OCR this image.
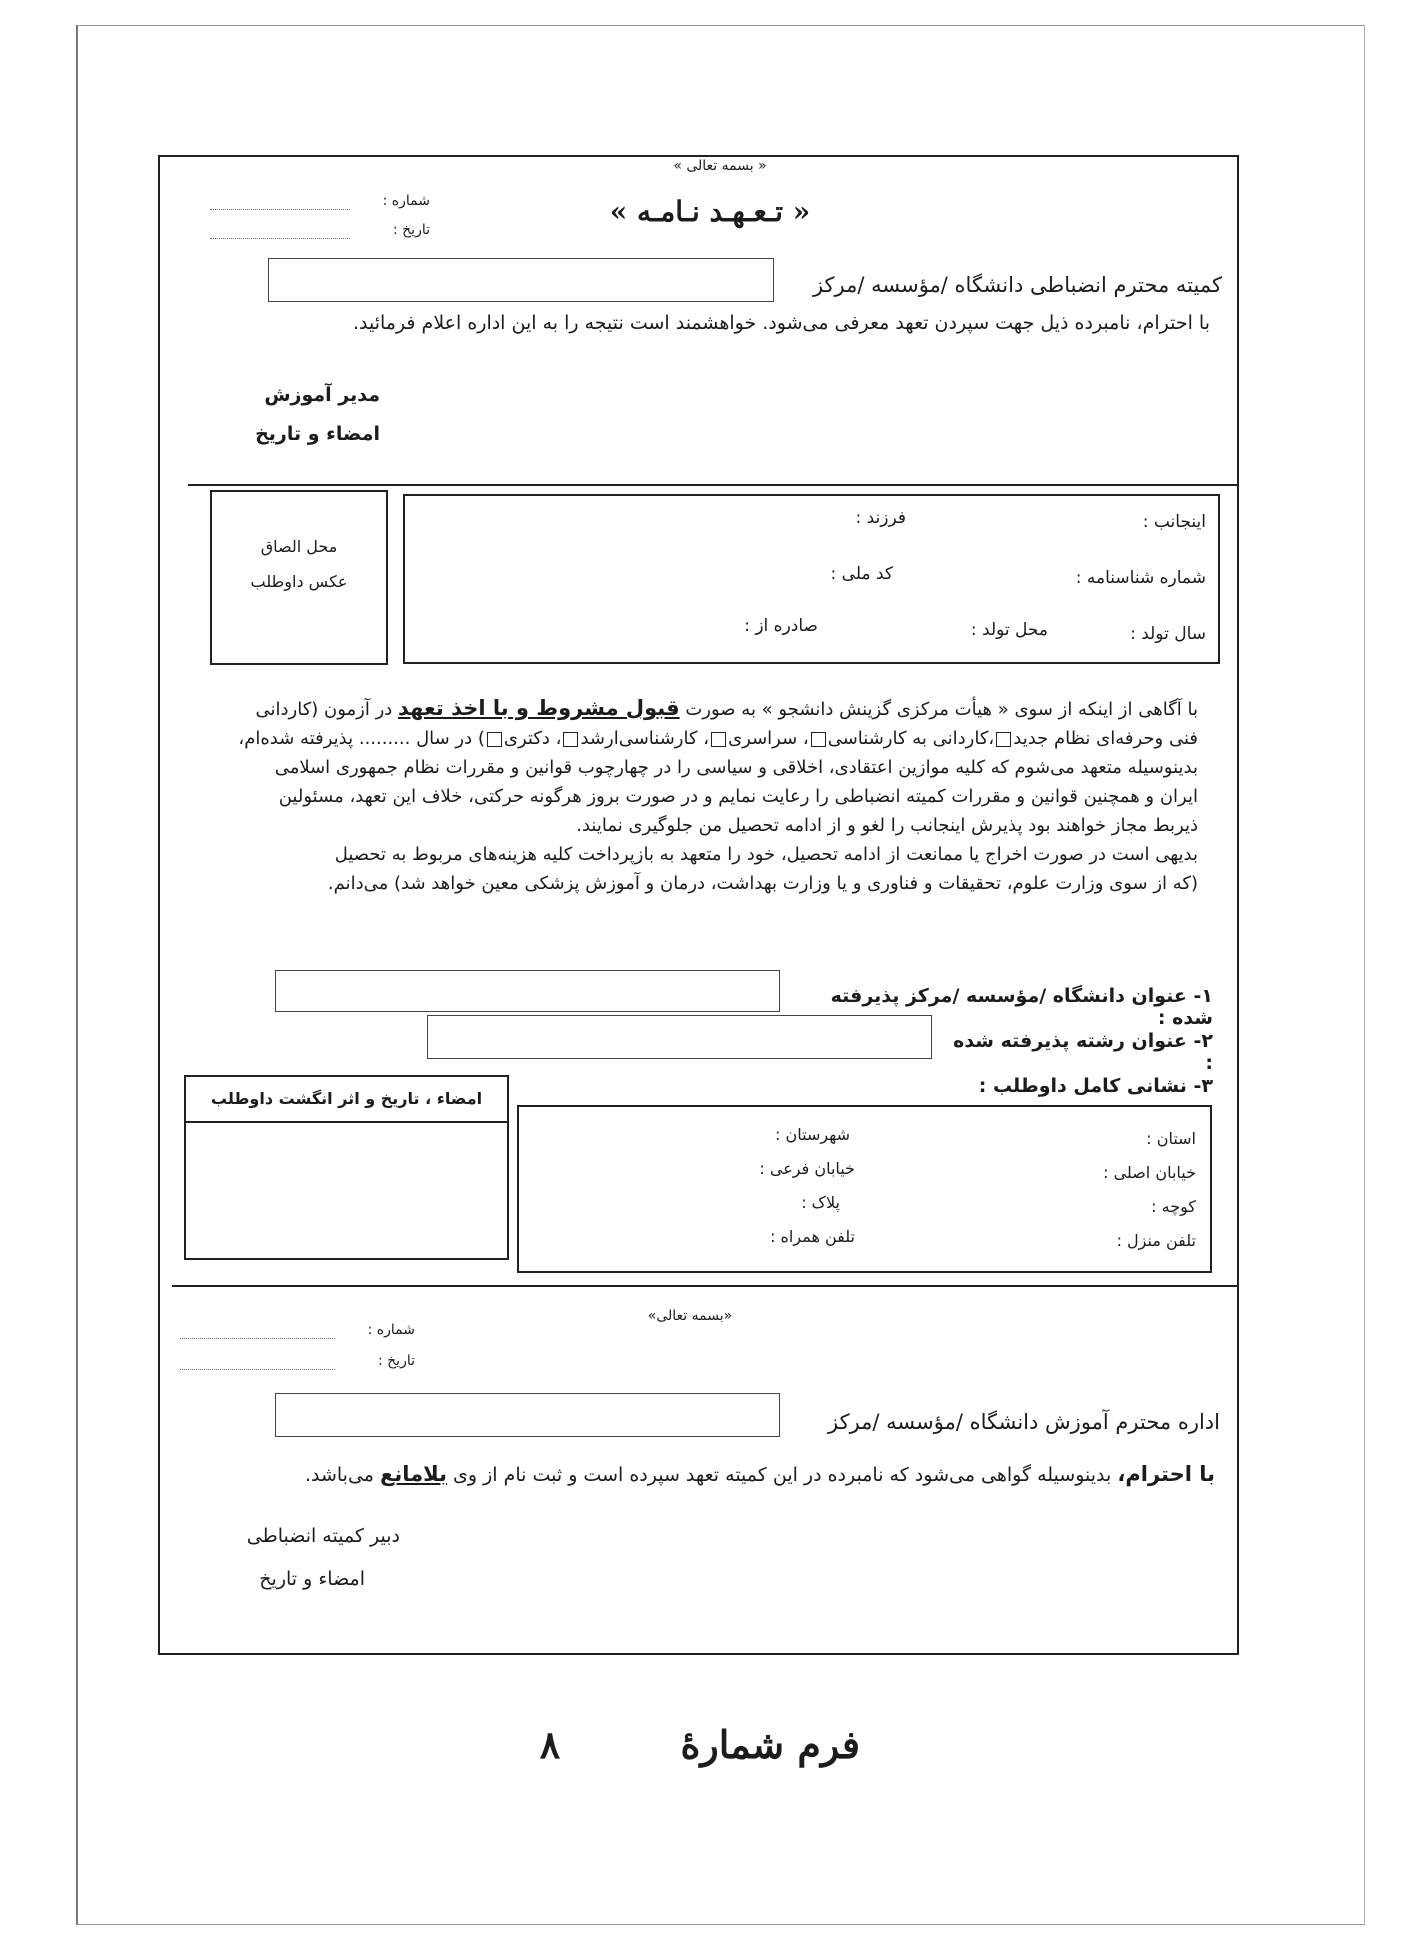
« بسمه تعالی »
« تـعـهـد نـامـه »
شماره :
تاریخ :
کمیته محترم انضباطی دانشگاه /مؤسسه /مرکز
با احترام، نامبرده ذیل جهت سپردن تعهد معرفی می‌شود. خواهشمند است نتیجه را به این اداره اعلام فرمائید.
مدیر آموزش
امضاء و تاریخ
محل الصاق
عکس داوطلب
اینجانب :
فرزند :
شماره شناسنامه :
کد ملی :
سال تولد :
محل تولد :
صادره از :
با آگاهی از اینکه از سوی « هیأت مرکزی گزینش دانشجو » به صورت قبول مشروط و با اخذ تعهد در آزمون (کاردانی
فنی وحرفه‌ای نظام جدید،کاردانی به کارشناسی، سراسری، کارشناسی‌ارشد، دکتری) در سال ......... پذیرفته شده‌ام،
بدینوسیله متعهد می‌شوم که کلیه موازین اعتقادی، اخلاقی و سیاسی را در چهارچوب قوانین و مقررات نظام جمهوری اسلامی
ایران و همچنین قوانین و مقررات کمیته انضباطی را رعایت نمایم و در صورت بروز هرگونه حرکتی، خلاف این تعهد، مسئولین
ذیربط مجاز خواهند بود پذیرش اینجانب را لغو و از ادامه تحصیل من جلوگیری نمایند.
بدیهی است در صورت اخراج یا ممانعت از ادامه تحصیل، خود را متعهد به بازپرداخت کلیه هزینه‌های مربوط به تحصیل
(که از سوی وزارت علوم، تحقیقات و فناوری و یا وزارت بهداشت، درمان و آموزش پزشکی معین خواهد شد) می‌دانم.
۱- عنوان دانشگاه /مؤسسه /مرکز پذیرفته شده :
۲- عنوان رشته پذیرفته شده :
۳- نشانی کامل داوطلب :
امضاء ، تاریخ و اثر انگشت داوطلب
استان :
شهرستان :
خیابان اصلی :
خیابان فرعی :
کوچه :
پلاک :
تلفن منزل :
تلفن همراه :
«بسمه تعالی»
شماره :
تاریخ :
اداره محترم آموزش دانشگاه /مؤسسه /مرکز
با احترام، بدینوسیله گواهی می‌شود که نامبرده در این کمیته تعهد سپرده است و ثبت نام از وی بلامانع می‌باشد.
دبیر کمیته انضباطی
امضاء و تاریخ
فرم شمارهٔ
۸
